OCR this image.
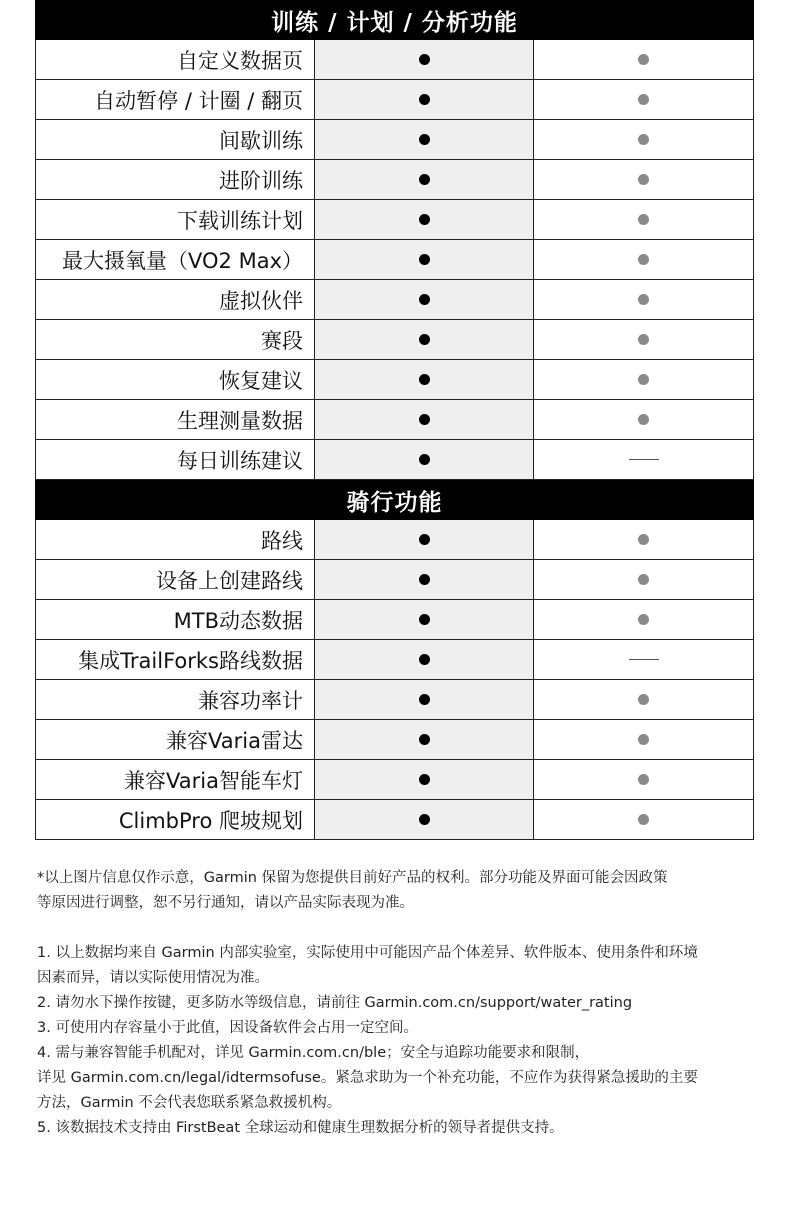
训练 / 计划 / 分析功能
自定义数据页
自动暂停 / 计圈 / 翻页
间歇训练
进阶训练
下载训练计划
最大摄氧量（VO2 Max）
虚拟伙伴
赛段
恢复建议
生理测量数据
每日训练建议
骑行功能
路线
设备上创建路线
MTB动态数据
集成TrailForks路线数据
兼容功率计
兼容Varia雷达
兼容Varia智能车灯
ClimbPro 爬坡规划

*以上图片信息仅作示意，Garmin 保留为您提供目前好产品的权利。部分功能及界面可能会因政策

等原因进行调整，恕不另行通知，请以产品实际表现为准。

1. 以上数据均来自 Garmin 内部实验室，实际使用中可能因产品个体差异、软件版本、使用条件和环境

因素而异，请以实际使用情况为准。

2. 请勿水下操作按键，更多防水等级信息，请前往 Garmin.com.cn/support/water_rating

3. 可使用内存容量小于此值，因设备软件会占用一定空间。

4. 需与兼容智能手机配对，详见 Garmin.com.cn/ble；安全与追踪功能要求和限制，

详见 Garmin.com.cn/legal/idtermsofuse。紧急求助为一个补充功能，不应作为获得紧急援助的主要

方法，Garmin 不会代表您联系紧急救援机构。

5. 该数据技术支持由 FirstBeat 全球运动和健康生理数据分析的领导者提供支持。
